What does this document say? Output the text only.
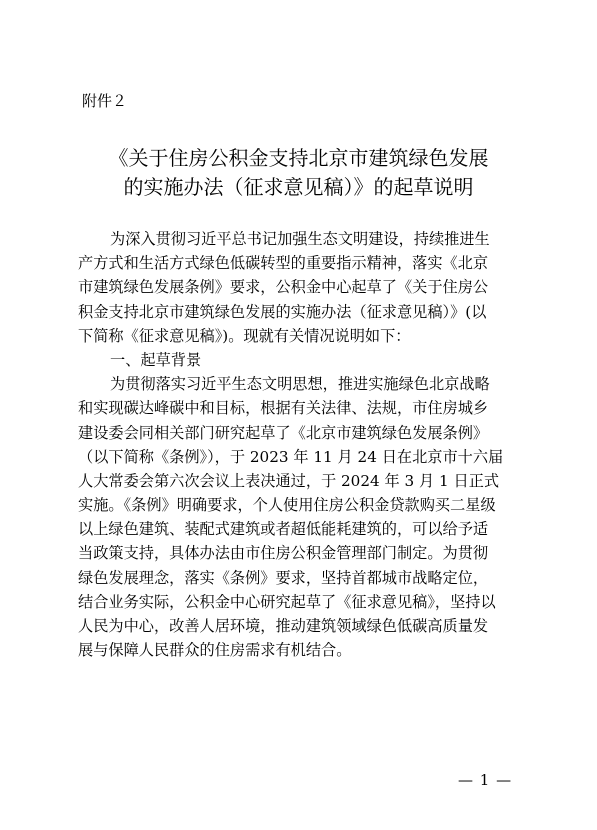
附件２
《关于住房公积金支持北京市建筑绿色发展
的实施办法（征求意见稿）》的起草说明
为深入贯彻习近平总书记加强生态文明建设，持续推进生
产方式和生活方式绿色低碳转型的重要指示精神，落实《北京
市建筑绿色发展条例》要求，公积金中心起草了《关于住房公
积金支持北京市建筑绿色发展的实施办法（征求意见稿）》(以
下简称《征求意见稿》)。现就有关情况说明如下：
一、起草背景
为贯彻落实习近平生态文明思想，推进实施绿色北京战略
和实现碳达峰碳中和目标，根据有关法律、法规，市住房城乡
建设委会同相关部门研究起草了《北京市建筑绿色发展条例》
（以下简称《条例》），于 2023 年 11 月 24 日在北京市十六届
人大常委会第六次会议上表决通过，于 2024 年 3 月 1 日正式
实施。《条例》明确要求，个人使用住房公积金贷款购买二星级
以上绿色建筑、装配式建筑或者超低能耗建筑的，可以给予适
当政策支持，具体办法由市住房公积金管理部门制定。为贯彻
绿色发展理念，落实《条例》要求，坚持首都城市战略定位，
结合业务实际，公积金中心研究起草了《征求意见稿》，坚持以
人民为中心，改善人居环境，推动建筑领域绿色低碳高质量发
展与保障人民群众的住房需求有机结合。
— 1 —
